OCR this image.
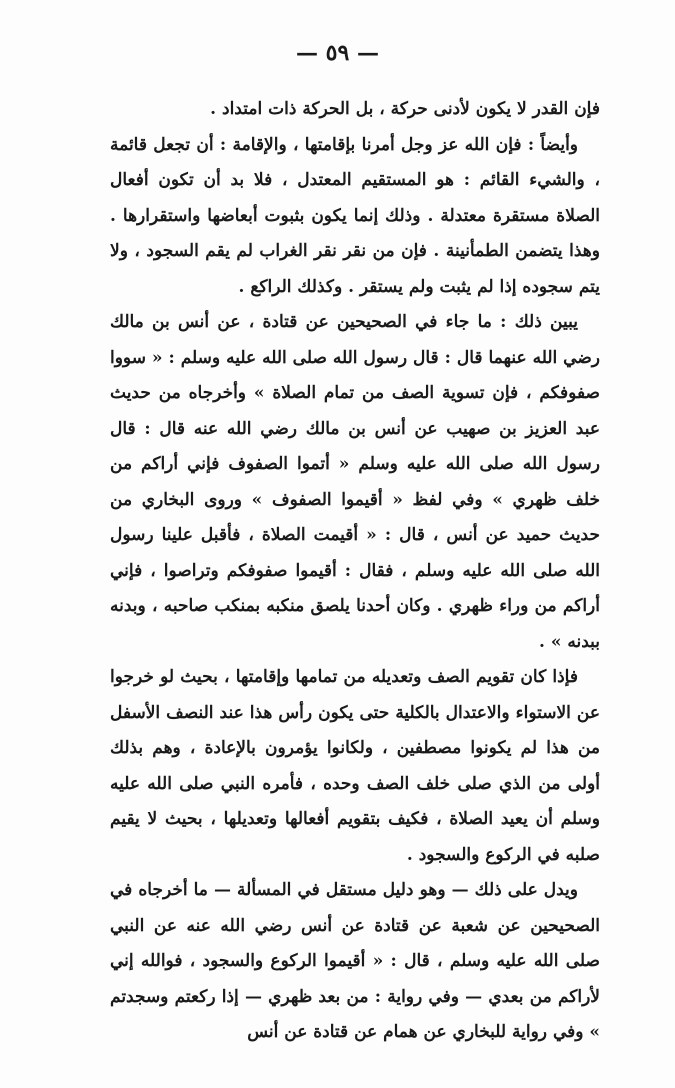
— ٥٩ —

فإن القدر لا يكون لأدنى حركة ، بل الحركة ذات امتداد .

وأيضاً : فإن الله عز وجل أمرنا بإقامتها ، والإقامة : أن تجعل قائمة ، والشيء القائم : هو المستقيم المعتدل ، فلا بد أن تكون أفعال الصلاة مستقرة معتدلة . وذلك إنما يكون بثبوت أبعاضها واستقرارها . وهذا يتضمن الطمأنينة . فإن من نقر نقر الغراب لم يقم السجود ، ولا يتم سجوده إذا لم يثبت ولم يستقر . وكذلك الراكع .

يبين ذلك : ما جاء في الصحيحين عن قتادة ، عن أنس بن مالك رضي الله عنهما قال : قال رسول الله صلى الله عليه وسلم : « سووا صفوفكم ، فإن تسوية الصف من تمام الصلاة » وأخرجاه من حديث عبد العزيز بن صهيب عن أنس بن مالك رضي الله عنه قال : قال رسول الله صلى الله عليه وسلم « أتموا الصفوف فإني أراكم من خلف ظهري » وفي لفظ « أقيموا الصفوف » وروى البخاري من حديث حميد عن أنس ، قال : « أقيمت الصلاة ، فأقبل علينا رسول الله صلى الله عليه وسلم ، فقال : أقيموا صفوفكم وتراصوا ، فإني أراكم من وراء ظهري . وكان أحدنا يلصق منكبه بمنكب صاحبه ، وبدنه ببدنه » .

فإذا كان تقويم الصف وتعديله من تمامها وإقامتها ، بحيث لو خرجوا عن الاستواء والاعتدال بالكلية حتى يكون رأس هذا عند النصف الأسفل من هذا لم يكونوا مصطفين ، ولكانوا يؤمرون بالإعادة ، وهم بذلك أولى من الذي صلى خلف الصف وحده ، فأمره النبي صلى الله عليه وسلم أن يعيد الصلاة ، فكيف بتقويم أفعالها وتعديلها ، بحيث لا يقيم صلبه في الركوع والسجود .

ويدل على ذلك — وهو دليل مستقل في المسألة — ما أخرجاه في الصحيحين عن شعبة عن قتادة عن أنس رضي الله عنه عن النبي صلى الله عليه وسلم ، قال : « أقيموا الركوع والسجود ، فوالله إني لأراكم من بعدي — وفي رواية : من بعد ظهري — إذا ركعتم وسجدتم » وفي رواية للبخاري عن همام عن قتادة عن أنس
